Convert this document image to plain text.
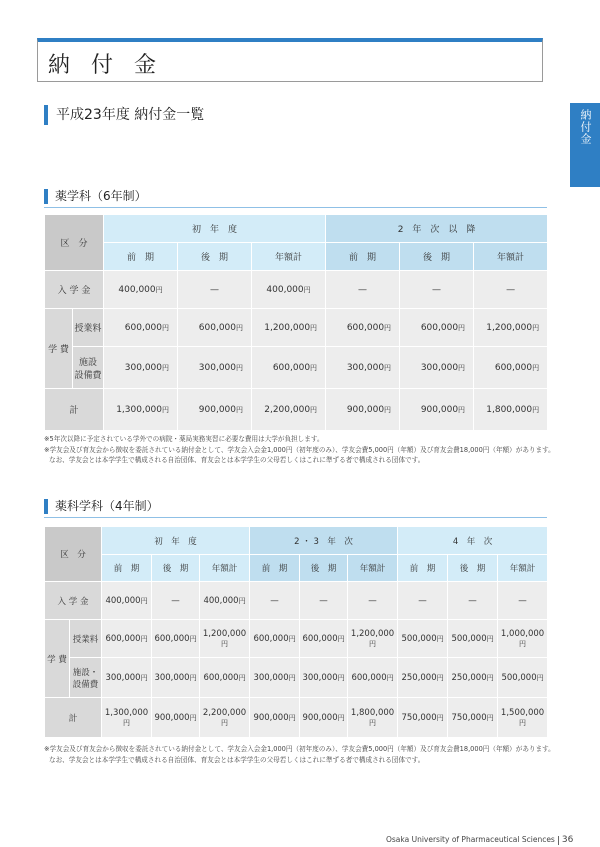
納 付 金
納付金
平成23年度 納付金一覧
薬学科（6年制）
区　分		初　年　度			2　年　次　以　降		
		前　期	後　期	年額計	前　期	後　期	年額計
入 学 金		400,000円	—	400,000円	—	—	—
学 費	授業料	600,000円	600,000円	1,200,000円	600,000円	600,000円	1,200,000円
	施設
設備費	300,000円	300,000円	600,000円	300,000円	300,000円	600,000円
計		1,300,000円	900,000円	2,200,000円	900,000円	900,000円	1,800,000円

※5年次以降に予定されている学外での病院・薬局実務実習に必要な費用は大学が負担します。

※学友会及び育友会から徴収を委託されている納付金として、学友会入会金1,000円（初年度のみ）、学友会費5,000円（年額）及び育友会費18,000円（年額）があります。

なお、学友会とは本学学生で構成される自治団体、育友会とは本学学生の父母若しくはこれに準ずる者で構成される団体です。

薬科学科（4年制）
区　分		初　年　度			2 ・ 3　年　次			4　年　次		
		前　期	後　期	年額計	前　期	後　期	年額計	前　期	後　期	年額計
入 学 金		400,000円	—	400,000円	—	—	—	—	—	—
学 費	授業料	600,000円	600,000円	1,200,000円	600,000円	600,000円	1,200,000円	500,000円	500,000円	1,000,000円
	施設・
設備費	300,000円	300,000円	600,000円	300,000円	300,000円	600,000円	250,000円	250,000円	500,000円
計		1,300,000円	900,000円	2,200,000円	900,000円	900,000円	1,800,000円	750,000円	750,000円	1,500,000円

※学友会及び育友会から徴収を委託されている納付金として、学友会入会金1,000円（初年度のみ）、学友会費5,000円（年額）及び育友会費18,000円（年額）があります。

なお、学友会とは本学学生で構成される自治団体、育友会とは本学学生の父母若しくはこれに準ずる者で構成される団体です。

Osaka University of Pharmaceutical Sciences 36
